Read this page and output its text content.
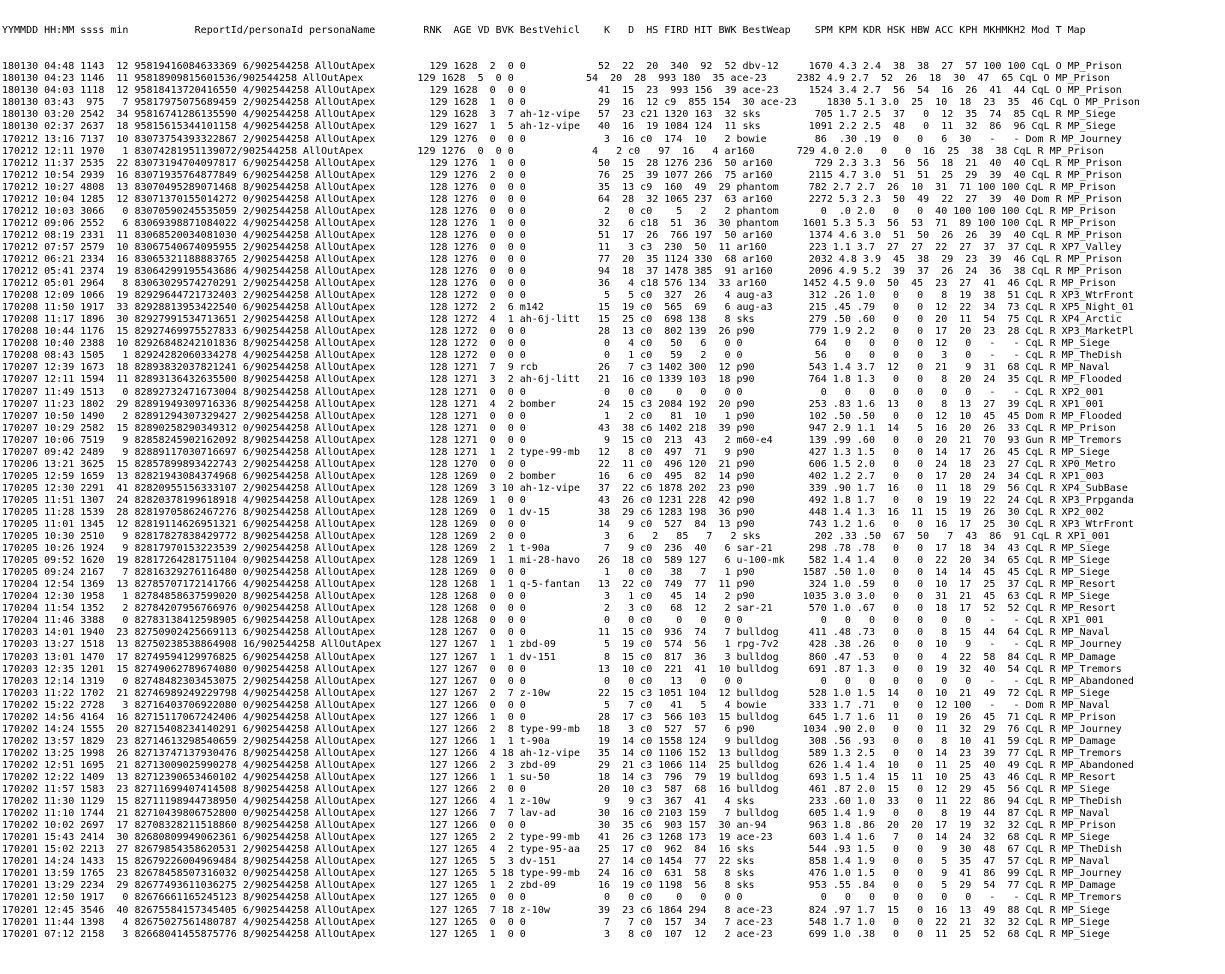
YYMMDD HH:MM ssss min           ReportId/personaId personaName        RNK  AGE VD BVK BestVehicl    K   D  HS FIRD HIT BWK BestWeap    SPM KPM KDR HSK HBW ACC KPH MKHMKH2 Mod T Map

180130 04:48 1143  12 95819416084633369 6/902544258 AllOutApex         129 1628  2  0 0            52  22  20  340  92  52 dbv-12     1670 4.3 2.4  38  38  27  57 100 100 CqL O MP_Prison
180130 04:23 1146  11 95818909815601536/902544258 AllOutApex         129 1628  5  0 0            54  20  28  993 180  35 ace-23     2382 4.9 2.7  52  26  18  30  47  65 CqL O MP_Prison
180130 04:03 1118  12 95818413720416550 4/902544258 AllOutApex         129 1628  0  0 0            41  15  23  993 156  39 ace-23     1524 3.4 2.7  56  54  16  26  41  44 CqL O MP_Prison
180130 03:43  975   7 95817975075689459 2/902544258 AllOutApex         129 1628  1  0 0            29  16  12 c9  855 154  30 ace-23     1830 5.1 3.0  25  10  18  23  35  46 CqL O MP_Prison
180130 03:20 2542  34 95816741286135590 4/902544258 AllOutApex         129 1628  3  7 ah-1z-vipe   57  23 c21 1320 163  32 sks         705 1.7 2.5  37   0  12  35  74  85 CqL R MP_Siege
180130 02:37 2637  18 95815615344101158 4/902544258 AllOutApex         129 1627  1  5 ah-1z-vipe   40  16  19 1084 124  11 sks        1091 2.2 2.5  48   0  11  32  86  96 CqL R MP_Siege
170212 13:16 7137  10 83073754393322867 2/902544258 AllOutApex         129 1276  0  0 0             3  16 c0  174  10   2 bowie        86  .30 .19  0   0   6  30   -   - Dom R MP_Journey
170212 12:11 1970   1 83074281951139072/902544258 AllOutApex         129 1276  0  0 0             4   2 c0   97  16   4 ar160       729 4.0 2.0   0   0  16  25  38  38 CqL R MP_Prison
170212 11:37 2535  22 83073194704097817 6/902544258 AllOutApex         129 1276  1  0 0            50  15  28 1276 236  50 ar160       729 2.3 3.3  56  56  18  21  40  40 CqL R MP_Prison
170212 10:54 2939  16 83071935764877849 6/902544258 AllOutApex         129 1276  2  0 0            76  25  39 1077 266  75 ar160      2115 4.7 3.0  51  51  25  29  39  40 CqL R MP_Prison
170212 10:27 4808  13 83070495289071468 8/902544258 AllOutApex         128 1276  0  0 0            35  13 c9  160  49  29 phantom     782 2.7 2.7  26  10  31  71 100 100 CqL R MP_Prison
170212 10:04 1285  12 83071370155014272 0/902544258 AllOutApex         128 1276  0  0 0            64  28  32 1065 237  63 ar160      2272 5.3 2.3  50  49  22  27  39  40 Dom R MP_Prison
170212 10:03 3066   0 83070590245535059 2/902544258 AllOutApex         128 1276  0  0 0             2   0 c0    5   2   2 phantom       0  .0 2.0   0   0  40 100 100 100 CqL R MP_Prison
170212 09:06 2552   6 83069398871084022 4/902544258 AllOutApex         128 1276  1  0 0            32   6 c18  51  36  30 phantom    1601 5.3 5.3  56  53  71  89 100 100 CqL R MP_Prison
170212 08:19 2331  11 83068520034081030 4/902544258 AllOutApex         128 1276  0  0 0            51  17  26  766 197  50 ar160      1374 4.6 3.0  51  50  26  26  39  40 CqL R MP_Prison
170212 07:57 2579  10 83067540674095955 2/902544258 AllOutApex         128 1276  0  0 0            11   3 c3  230  50  11 ar160       223 1.1 3.7  27  27  22  27  37  37 CqL R XP7_Valley
170212 06:21 2334  16 83065321188883765 2/902544258 AllOutApex         128 1276  0  0 0            77  20  35 1124 330  68 ar160      2032 4.8 3.9  45  38  29  23  39  46 CqL R MP_Prison
170212 05:41 2374  19 83064299195543686 4/902544258 AllOutApex         128 1276  0  0 0            94  18  37 1478 385  91 ar160      2096 4.9 5.2  39  37  26  24  36  38 CqL R MP_Prison
170212 05:01 2964   8 83063029574270291 2/902544258 AllOutApex         128 1276  0  0 0            36   4 c18 576 134  33 ar160      1452 4.5 9.0  50  45  23  27  41  46 CqL R MP_Prison
170208 12:09 1066  19 82929644721732403 2/902544258 AllOutApex         128 1272  0  0 0             5   5 c0  327  26   4 aug-a3      312 .26 1.0   0   0   8  19  38  51 CqL R XP3_WtrFront
170208 11:50 1917  33 82928813953422540 6/902544258 AllOutApex         128 1272  2  6 m142         15  19 c0  565  69   6 aug-a3      215 .45 .79   0   0  12  22  34  73 CqL R XP5_Night_01
170208 11:17 1896  30 82927991534713651 2/902544258 AllOutApex         128 1272  4  1 ah-6j-litt   15  25 c0  698 138   8 sks         279 .50 .60   0   0  20  11  54  75 CqL R XP4_Arctic
170208 10:44 1176  15 82927469975527833 6/902544258 AllOutApex         128 1272  0  0 0            28  13 c0  802 139  26 p90         779 1.9 2.2   0   0  17  20  23  28 CqL R XP3_MarketPl
170208 10:40 2388  10 82926848242101836 8/902544258 AllOutApex         128 1272  0  0 0             0   4 c0   50   6   0 0            64   0   0   0   0  12   0   -   - CqL R MP_Siege
170208 08:43 1505   1 82924282060334278 4/902544258 AllOutApex         128 1272  0  0 0             0   1 c0   59   2   0 0            56   0   0   0   0   3   0   -   - CqL R MP_TheDish
170207 12:39 1673  18 82893832037821241 6/902544258 AllOutApex         128 1271  7  9 rcb          26   7 c3 1402 300  12 p90         543 1.4 3.7  12   0  21   9  31  68 CqL R MP_Naval
170207 12:11 1594  11 82893136432635500 8/902544258 AllOutApex         128 1271  3  2 ah-6j-litt   21  16 c0 1339 103  18 p90         764 1.8 1.3   0   0   8  20  24  35 CqL R MP_Flooded
170207 11:49 1513   0 82892732471673004 8/902544258 AllOutApex         128 1271  0  0 0             0   0 c0    0   0   0 0             0   0   0   0   0   0   0   -   - CqL R XP2_001
170207 11:23 1802  29 82891949309716336 8/902544258 AllOutApex         128 1271  4  2 bomber       24  15 c3 2084 192  20 p90         253 .83 1.6  13   0   8  13  27  39 CqL R XP1_001
170207 10:50 1490   2 82891294307329427 2/902544258 AllOutApex         128 1271  0  0 0             1   2 c0   81  10   1 p90         102 .50 .50   0   0  12  10  45  45 Dom R MP_Flooded
170207 10:29 2582  15 82890258290349312 0/902544258 AllOutApex         128 1271  0  0 0            43  38 c6 1402 218  39 p90         947 2.9 1.1  14   5  16  20  26  33 CqL R MP_Prison
170207 10:06 7519   9 82858245902162092 8/902544258 AllOutApex         128 1271  0  0 0             9  15 c0  213  43   2 m60-e4      139 .99 .60   0   0  20  21  70  93 Gun R MP_Tremors
170207 09:42 2489   9 82889117030716697 6/902544258 AllOutApex         128 1271  1  2 type-99-mb   12   8 c0  497  71   9 p90         427 1.3 1.5   0   0  14  17  26  45 CqL R MP_Siege
170206 13:21 3625  15 82857899893422743 2/902544258 AllOutApex         128 1270  0  0 0            22  11 c0  496 120  21 p90         606 1.5 2.0   0   0  24  18  23  27 CqL R XP0_Metro
170205 12:59 1659  13 82821943084374968 6/902544258 AllOutApex         128 1269  0  2 bomber       16   6 c0  495  82  14 p90         402 1.2 2.7   0   0  17  20  24  34 CqL R XP1_003
170205 12:30 2291  41 82820955156333107 2/902544258 AllOutApex         128 1269  3 10 ah-1z-vipe   37  22 c6 1878 202  23 p90         339 .90 1.7  16   0  11  18  29  56 CqL R XP4_SubBase
170205 11:51 1307  24 82820378199618918 4/902544258 AllOutApex         128 1269  1  0 0            43  26 c0 1231 228  42 p90         492 1.8 1.7   0   0  19  19  22  24 CqL R XP3_Prpganda
170205 11:28 1539  28 82819705862467276 8/902544258 AllOutApex         128 1269  0  1 dv-15        38  29 c6 1283 198  36 p90         448 1.4 1.3  16  11  15  19  26  30 CqL R XP2_002
170205 11:01 1345  12 82819114626951321 6/902544258 AllOutApex         128 1269  0  0 0            14   9 c0  527  84  13 p90         743 1.2 1.6   0   0  16  17  25  30 CqL R XP3_WtrFront
170205 10:30 2510   9 82817827838429772 8/902544258 AllOutApex         128 1269  2  0 0             3   6   2   85   7   2 sks         202 .33 .50  67  50   7  43  86  91 CqL R XP1_001
170205 10:26 1924   9 82817970153223539 2/902544258 AllOutApex         128 1269  2  1 t-90a         7   9 c0  236  40   6 sar-21      298 .78 .78   0   0  17  18  34  43 CqL R MP_Siege
170205 09:52 1620  19 82817264281751104 0/902544258 AllOutApex         128 1269  1  1 mi-28-havo   26  18 c0  589 127   6 u-100-mk    582 1.4 1.4   0   0  22  20  34  65 CqL R MP_Siege
170205 09:24 2167   7 82816329276116480 0/902544258 AllOutApex         128 1269  0  0 0             1   0 c0   38   7   1 p90        1587 .50 1.0   0   0  14  14  45  45 CqL R MP_Siege
170204 12:54 1369  13 82785707172141766 4/902544258 AllOutApex         128 1268  1  1 q-5-fantan   13  22 c0  749  77  11 p90         324 1.0 .59   0   0  10  17  25  37 CqL R MP_Resort
170204 12:30 1958   1 82784858637599020 8/902544258 AllOutApex         128 1268  0  0 0             3   1 c0   45  14   2 p90        1035 3.0 3.0   0   0  31  21  45  63 CqL R MP_Siege
170204 11:54 1352   2 82784207956766976 0/902544258 AllOutApex         128 1268  0  0 0             2   3 c0   68  12   2 sar-21      570 1.0 .67   0   0  18  17  52  52 CqL R MP_Resort
170204 11:46 3388   0 82783138412598905 6/902544258 AllOutApex         128 1268  0  0 0             0   0 c0    0   0   0 0             0   0   0   0   0   0   0   -   - CqL R XP1_001
170203 14:01 1940  23 82750902425669113 6/902544258 AllOutApex         128 1267  0  0 0            11  15 c0  936  74   7 bulldog     411 .48 .73   0   0   8  15  44  64 CqL R MP_Naval
170203 13:27 1518  13 82750238538864908 16/902544258 AllOutApex        127 1267  1  1 zbd-09        5  19 c0  574  56   1 rpg-7v2     428 .38 .26   0   0  10   9   -   - CqL R MP_Journey
170203 13:01 1470  17 82749594129976825 6/902544258 AllOutApex         127 1267  1  1 dv-151        8  15 c0  817  36   3 bulldog     860 .47 .53   0   0   4  22  58  84 CqL R MP_Damage
170203 12:35 1201  15 82749062789674080 0/902544258 AllOutApex         127 1267  0  0 0            13  10 c0  221  41  10 bulldog     691 .87 1.3   0   0  19  32  40  54 CqL R MP_Tremors
170203 12:14 1319   0 82748482303453075 2/902544258 AllOutApex         127 1267  0  0 0             0   0 c0   13   0   0 0             0   0   0   0   0   0   0   -   - CqL R MP_Abandoned
170203 11:22 1702  21 82746989249229798 4/902544258 AllOutApex         127 1267  2  7 z-10w        22  15 c3 1051 104  12 bulldog     528 1.0 1.5  14   0  10  21  49  72 CqL R MP_Siege
170202 15:22 2728   3 82716403706922080 0/902544258 AllOutApex         127 1266  0  0 0             5   7 c0   41   5   4 bowie       333 1.7 .71   0   0  12 100   -   - Dom R MP_Naval
170202 14:56 4164  16 82715117067242406 4/902544258 AllOutApex         127 1266  1  0 0            28  17 c3  566 103  15 bulldog     645 1.7 1.6  11   0  19  26  45  71 CqL R MP_Prison
170202 14:24 1555  20 82715408234140291 6/902544258 AllOutApex         127 1266  2  8 type-99-mb   18   3 c0  527  57   6 p90        1034 .90 2.0   0   0  11  32  29  76 CqL R MP_Journey
170202 13:57 1829  23 82714613298540659 2/902544258 AllOutApex         127 1266  1  1 t-90a        19  14 c0 1558 124   9 bulldog     308 .56 .93   0   0   8  10  41  59 CqL R MP_Damage
170202 13:25 1998  26 82713747137930476 8/902544258 AllOutApex         127 1266  4 18 ah-1z-vipe   35  14 c0 1106 152  13 bulldog     589 1.3 2.5   0   0  14  23  39  77 CqL R MP_Tremors
170202 12:51 1695  21 82713009025990278 4/902544258 AllOutApex         127 1266  2  3 zbd-09       29  21 c3 1066 114  25 bulldog     626 1.4 1.4  10   0  11  25  40  49 CqL R MP_Abandoned
170202 12:22 1409  13 82712390653460102 4/902544258 AllOutApex         127 1266  1  1 su-50        18  14 c3  796  79  19 bulldog     693 1.5 1.4  15  11  10  25  43  46 CqL R MP_Resort
170202 11:57 1583  23 82711699407414508 8/902544258 AllOutApex         127 1266  2  0 0            20  10 c3  587  68  16 bulldog     461 .87 2.0  15   0  12  29  45  56 CqL R MP_Siege
170202 11:30 1129  15 82711198944738950 4/902544258 AllOutApex         127 1266  4  1 z-10w         9   9 c3  367  41   4 sks         233 .60 1.0  33   0  11  22  86  94 CqL R MP_TheDish
170202 11:10 1744  21 82710439806752800 0/902544258 AllOutApex         127 1266  7  7 lav-ad       30  16 c0 2103 159   7 bulldog     605 1.4 1.9   0   0   8  19  44  87 CqL R MP_Naval
170202 10:02 2697  17 82708328211518860 8/902544258 AllOutApex         127 1266  0  0 0            30  35 c6  903 157  30 an-94       963 1.8 .86  20  20  17  19  32  32 CqL R MP_Prison
170201 15:43 2414  30 82680809949062361 6/902544258 AllOutApex         127 1265  2  2 type-99-mb   41  26 c3 1268 173  19 ace-23      603 1.4 1.6   7   0  14  24  32  68 CqL R MP_Siege
170201 15:02 2213  27 82679854358620531 2/902544258 AllOutApex         127 1265  4  2 type-95-aa   25  17 c0  962  84  16 sks         544 .93 1.5   0   0   9  30  48  67 CqL R MP_TheDish
170201 14:24 1433  15 82679226004969484 8/902544258 AllOutApex         127 1265  5  3 dv-151       27  14 c0 1454  77  22 sks         858 1.4 1.9   0   0   5  35  47  57 CqL R MP_Naval
170201 13:59 1765  23 82678458507316032 0/902544258 AllOutApex         127 1265  5 18 type-99-mb   24  16 c0  631  58   8 sks         476 1.0 1.5   0   0   9  41  86  99 CqL R MP_Journey
170201 13:29 2234  29 82677493611036275 2/902544258 AllOutApex         127 1265  1  2 zbd-09       16  19 c0 1198  56   8 sks         953 .55 .84   0   0   5  29  54  77 CqL R MP_Damage
170201 12:50 1917   0 82676661165245123 8/902544258 AllOutApex         127 1265  0  0 0             0   0 c0    0   0   0 0             0   0   0   0   0   0   0   -   - CqL R MP_Tremors
170201 12:45 3546  40 82675584157345405 6/902544258 AllOutApex         127 1265  7 18 z-10w        39  23 c6 1864 294   8 ace-23      824 .97 1.7  15   0  16  13  49  88 CqL R MP_Siege
170201 11:44 1398   4 82675027561480787 4/902544258 AllOutApex         127 1265  0  0 0             7   7 c0  157  34   7 ace-23      548 1.7 1.0   0   0  22  21  32  32 CqL R MP_Siege
170201 07:12 2158   3 82668041455875776 8/902544258 AllOutApex         127 1265  1  0 0             3   8 c0  107  12   2 ace-23      699 1.0 .38   0   0  11  25  52  68 CqL R MP_Siege
